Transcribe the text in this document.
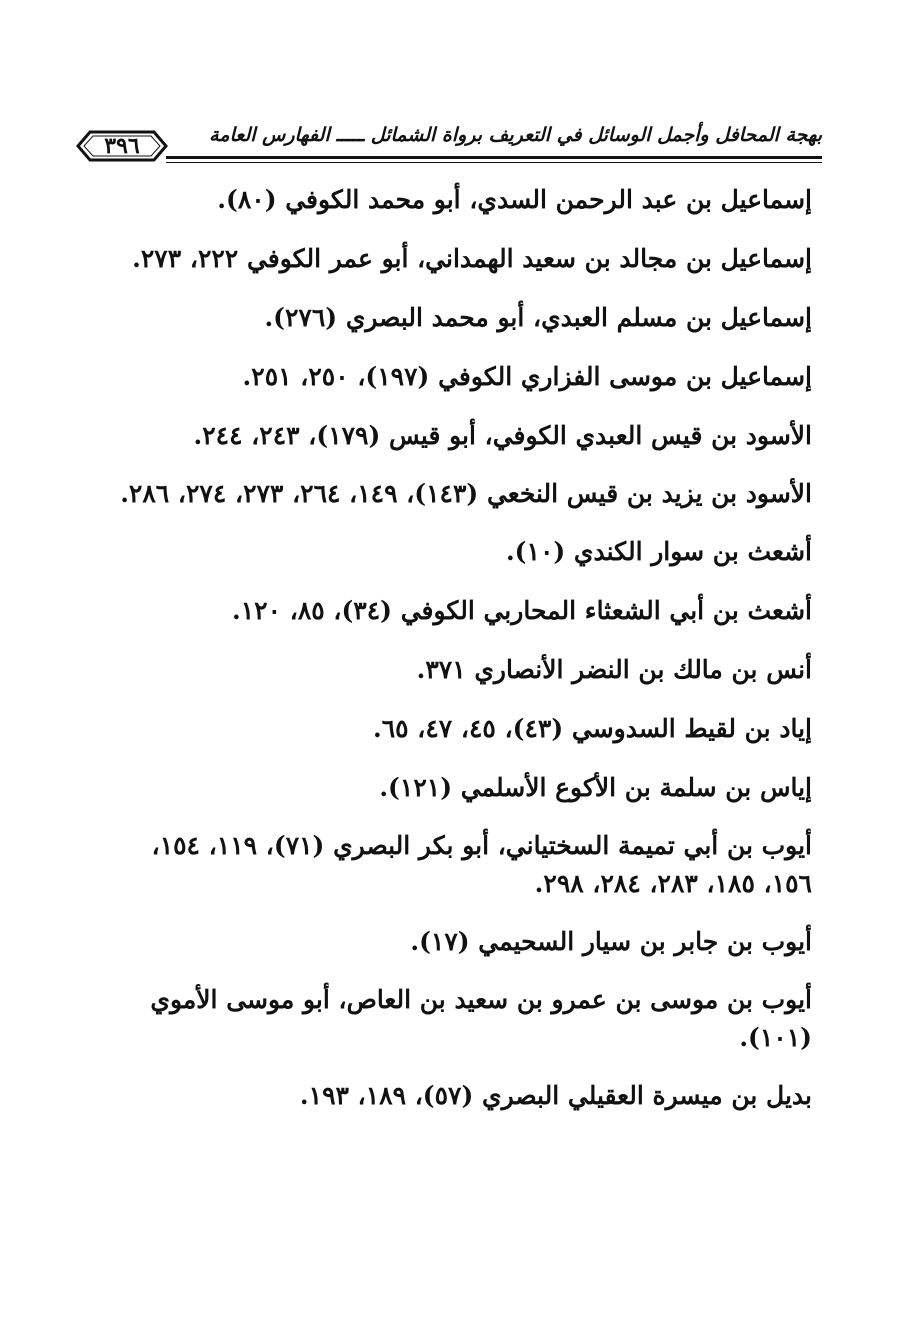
بهجة المحافل وأجمل الوسائل في التعريف برواة الشمائل ـــــ الفهارس العامة
٣٩٦
إسماعيل بن عبد الرحمن السدي، أبو محمد الكوفي (٨٠).
إسماعيل بن مجالد بن سعيد الهمداني، أبو عمر الكوفي ٢٢٢، ٢٧٣.
إسماعيل بن مسلم العبدي، أبو محمد البصري (٢٧٦).
إسماعيل بن موسى الفزاري الكوفي (١٩٧)، ٢٥٠، ٢٥١.
الأسود بن قيس العبدي الكوفي، أبو قيس (١٧٩)، ٢٤٣، ٢٤٤.
الأسود بن يزيد بن قيس النخعي (١٤٣)، ١٤٩، ٢٦٤، ٢٧٣، ٢٧٤، ٢٨٦.
أشعث بن سوار الكندي (١٠).
أشعث بن أبي الشعثاء المحاربي الكوفي (٣٤)، ٨٥، ١٢٠.
أنس بن مالك بن النضر الأنصاري ٣٧١.
إياد بن لقيط السدوسي (٤٣)، ٤٥، ٤٧، ٦٥.
إياس بن سلمة بن الأكوع الأسلمي (١٢١).
أيوب بن أبي تميمة السختياني، أبو بكر البصري (٧١)، ١١٩، ١٥٤، ١٥٦، ١٨٥، ٢٨٣، ٢٨٤، ٢٩٨.
أيوب بن جابر بن سيار السحيمي (١٧).
أيوب بن موسى بن عمرو بن سعيد بن العاص، أبو موسى الأموي (١٠١).
بديل بن ميسرة العقيلي البصري (٥٧)، ١٨٩، ١٩٣.
